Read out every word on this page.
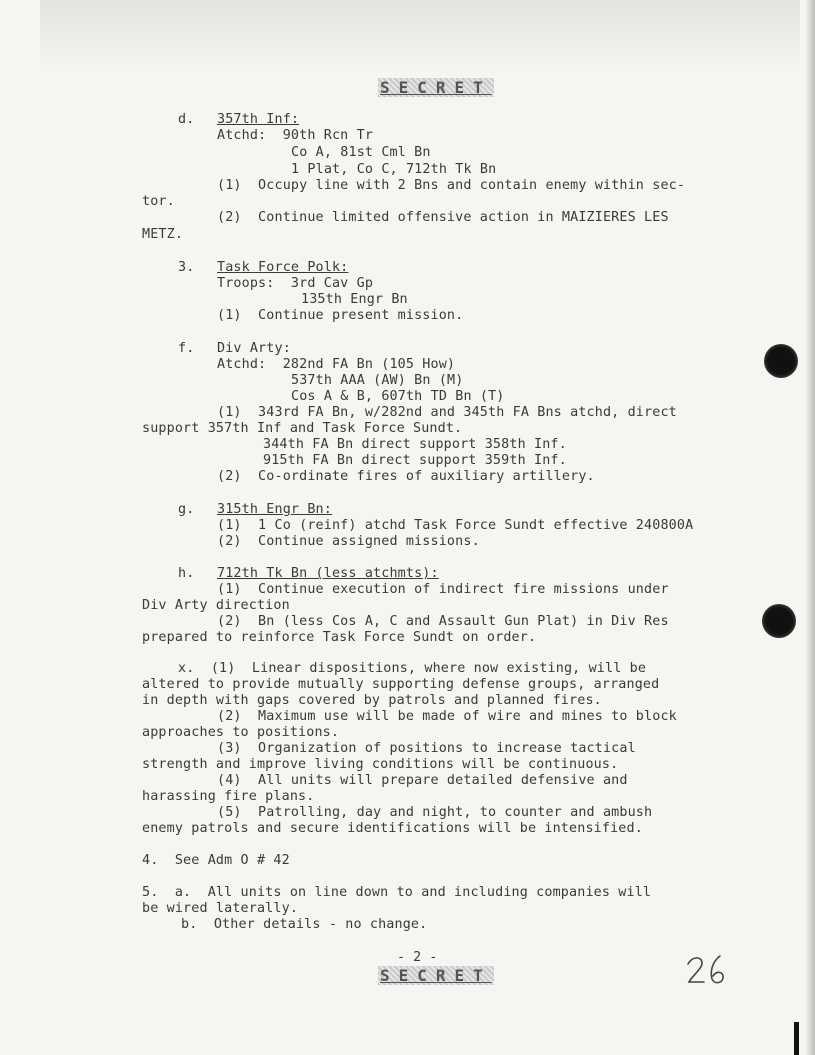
SECRET
d. 357th Inf:
Atchd:  90th Rcn Tr
Co A, 81st Cml Bn
1 Plat, Co C, 712th Tk Bn
(1)  Occupy line with 2 Bns and contain enemy within sec-
tor.
(2)  Continue limited offensive action in MAIZIERES LES
METZ.
3. Task Force Polk:
Troops:  3rd Cav Gp
135th Engr Bn
(1)  Continue present mission.
f. Div Arty:
Atchd:  282nd FA Bn (105 How)
537th AAA (AW) Bn (M)
Cos A & B, 607th TD Bn (T)
(1)  343rd FA Bn, w/282nd and 345th FA Bns atchd, direct
support 357th Inf and Task Force Sundt.
344th FA Bn direct support 358th Inf.
915th FA Bn direct support 359th Inf.
(2)  Co-ordinate fires of auxiliary artillery.
g. 315th Engr Bn:
(1)  1 Co (reinf) atchd Task Force Sundt effective 240800A
(2)  Continue assigned missions.
h. 712th Tk Bn (less atchmts):
(1)  Continue execution of indirect fire missions under
Div Arty direction
(2)  Bn (less Cos A, C and Assault Gun Plat) in Div Res
prepared to reinforce Task Force Sundt on order.
x.  (1)  Linear dispositions, where now existing, will be
altered to provide mutually supporting defense groups, arranged
in depth with gaps covered by patrols and planned fires.
(2)  Maximum use will be made of wire and mines to block
approaches to positions.
(3)  Organization of positions to increase tactical
strength and improve living conditions will be continuous.
(4)  All units will prepare detailed defensive and
harassing fire plans.
(5)  Patrolling, day and night, to counter and ambush
enemy patrols and secure identifications will be intensified.
4.  See Adm O # 42
5.  a.  All units on line down to and including companies will
be wired laterally.
b.  Other details - no change.
- 2 -
SECRET
